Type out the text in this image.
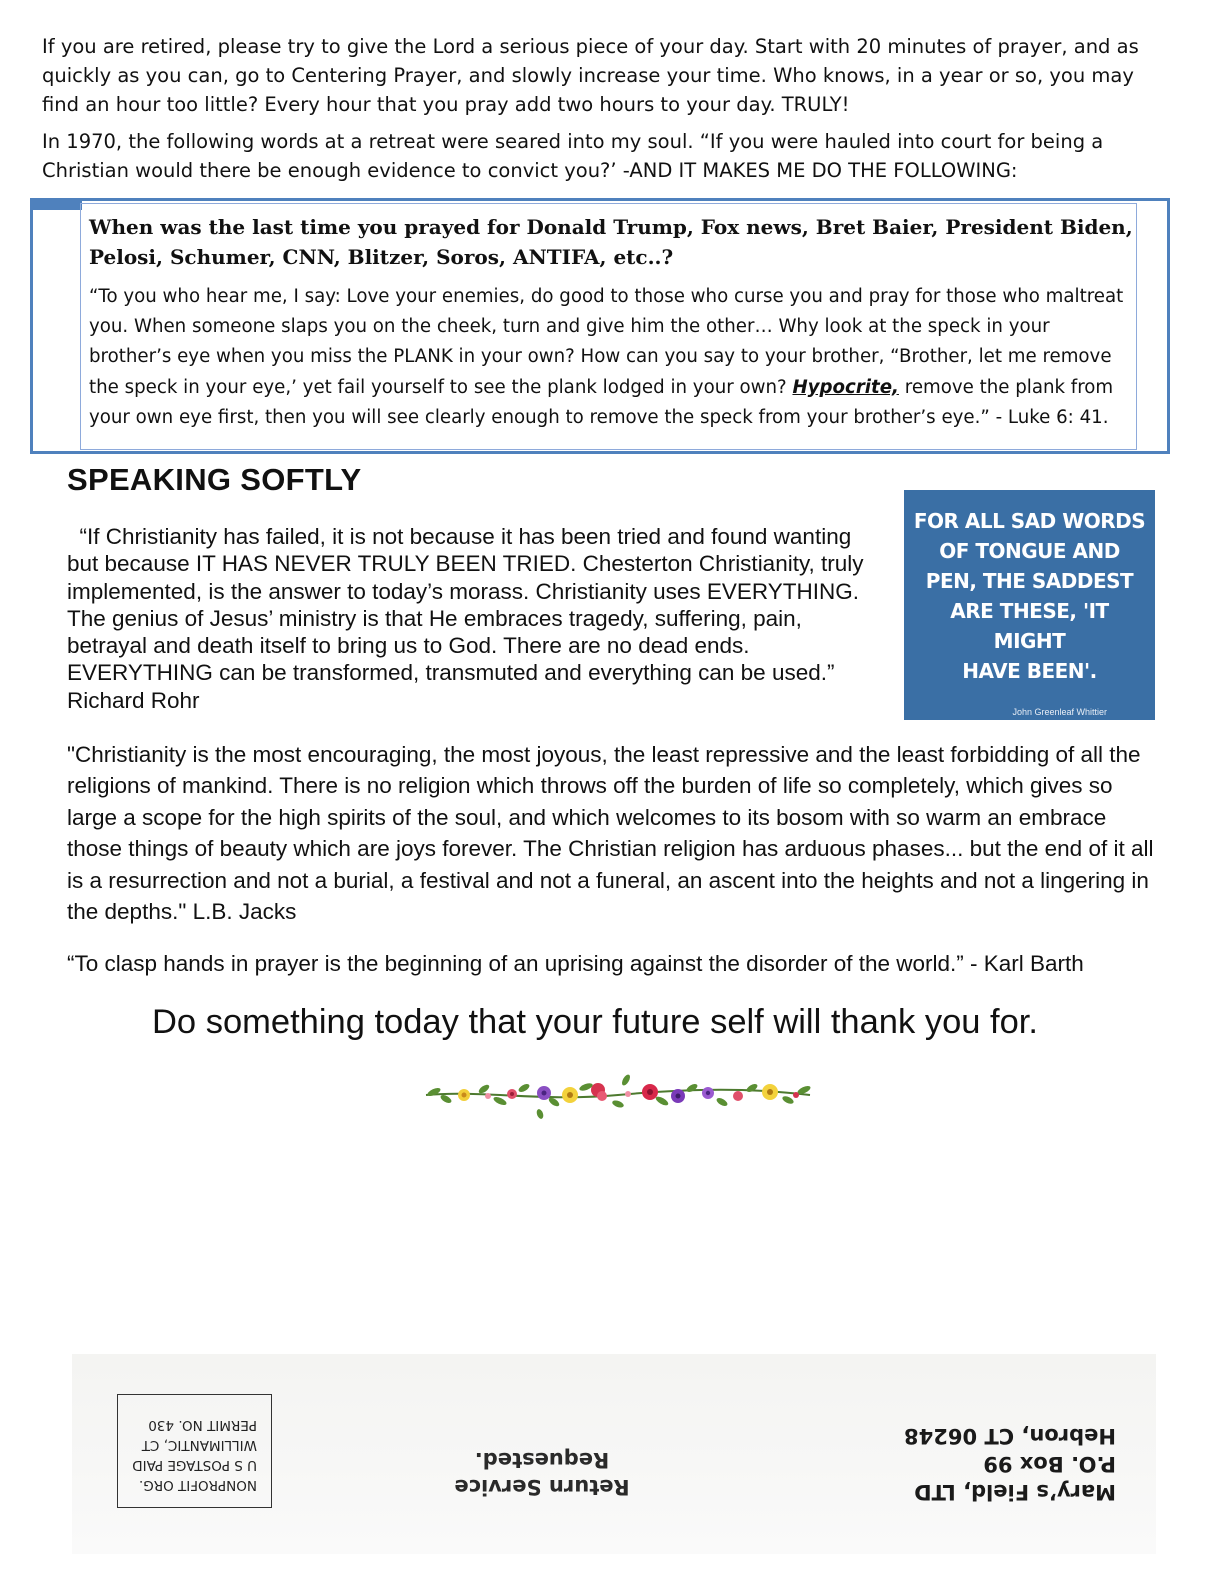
If you are retired, please try to give the Lord a serious piece of your day. Start with 20 minutes of prayer, and as quickly as you can, go to Centering Prayer, and slowly increase your time. Who knows, in a year or so, you may find an hour too little? Every hour that you pray add two hours to your day. TRULY!

In 1970, the following words at a retreat were seared into my soul. “If you were hauled into court for being a Christian would there be enough evidence to convict you?’ -AND IT MAKES ME DO THE FOLLOWING:

When was the last time you prayed for Donald Trump, Fox news, Bret Baier, President Biden, Pelosi, Schumer, CNN, Blitzer, Soros, ANTIFA, etc..?

“To you who hear me, I say: Love your enemies, do good to those who curse you and pray for those who maltreat you. When someone slaps you on the cheek, turn and give him the other… Why look at the speck in your brother’s eye when you miss the PLANK in your own? How can you say to your brother, “Brother, let me remove the speck in your eye,’ yet fail yourself to see the plank lodged in your own? Hypocrite, remove the plank from your own eye first, then you will see clearly enough to remove the speck from your brother’s eye.” - Luke 6: 41.

SPEAKING SOFTLY

“If Christianity has failed, it is not because it has been tried and found wanting but because IT HAS NEVER TRULY BEEN TRIED. Chesterton Christianity, truly implemented, is the answer to today’s morass. Christianity uses EVERYTHING. The genius of Jesus’ ministry is that He embraces tragedy, suffering, pain, betrayal and death itself to bring us to God. There are no dead ends. EVERYTHING can be transformed, transmuted and everything can be used.”  Richard Rohr

FOR ALL SAD WORDS
OF TONGUE AND
PEN, THE SADDEST
ARE THESE, 'IT MIGHT
HAVE BEEN'.
John Greenleaf Whittier

"Christianity is the most encouraging, the most joyous, the least repressive and the least forbidding of all the religions of mankind. There is no religion which throws off the burden of life so completely, which gives so large a scope for the high spirits of the soul, and which welcomes to its bosom with so warm an embrace those things of beauty which are joys forever. The Christian religion has arduous phases... but the end of it all is a resurrection and not a burial, a festival and not a funeral, an ascent into the heights and not a lingering in the depths." L.B. Jacks

“To clasp hands in prayer is the beginning of an uprising against the disorder of the world.” - Karl Barth

Do something today that your future self will thank you for.

Mary’s Field, LTD
P.O. Box 99
Hebron, CT 06248
Return Service
Requested.
NONPROFIT ORG.
U S POSTAGE PAID
WILLIMANTIC, CT
PERMIT NO. 430
